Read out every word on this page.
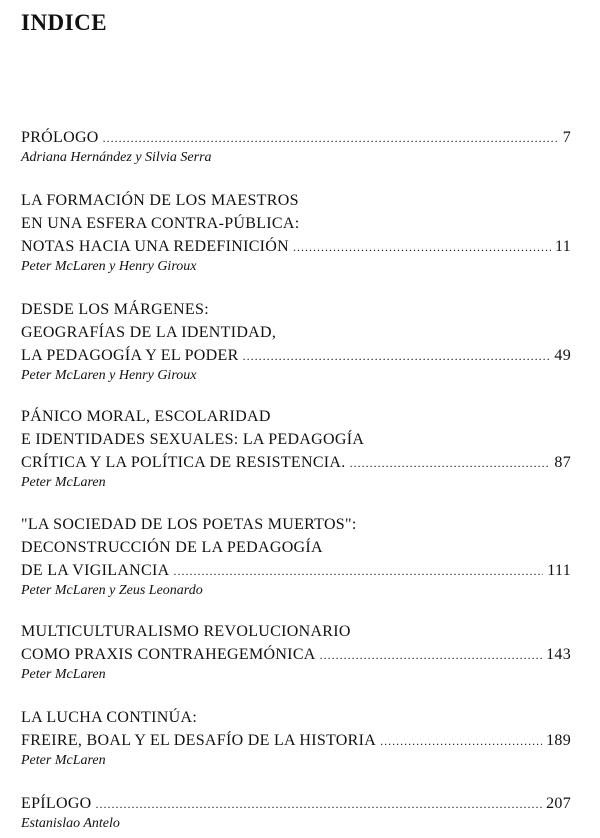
INDICE
PRÓLOGO .....	7
Adriana Hernández y Silvia Serra
LA FORMACIÓN DE LOS MAESTROS
EN UNA ESFERA CONTRA-PÚBLICA:
NOTAS HACIA UNA REDEFINICIÓN .....	11
Peter McLaren y Henry Giroux
DESDE LOS MÁRGENES:
GEOGRAFÍAS DE LA IDENTIDAD,
LA PEDAGOGÍA Y EL PODER .....	49
Peter McLaren y Henry Giroux
PÁNICO MORAL, ESCOLARIDAD
E IDENTIDADES SEXUALES: LA PEDAGOGÍA
CRÍTICA Y LA POLÍTICA DE RESISTENCIA. .....	87
Peter McLaren
"LA SOCIEDAD DE LOS POETAS MUERTOS":
DECONSTRUCCIÓN DE LA PEDAGOGÍA
DE LA VIGILANCIA .....	111
Peter McLaren y Zeus Leonardo
MULTICULTURALISMO REVOLUCIONARIO
COMO PRAXIS CONTRAHEGEMÓNICA .....	143
Peter McLaren
LA LUCHA CONTINÚA:
FREIRE, BOAL Y EL DESAFÍO DE LA HISTORIA .....	189
Peter McLaren
EPÍLOGO .....	207
Estanislao Antelo
